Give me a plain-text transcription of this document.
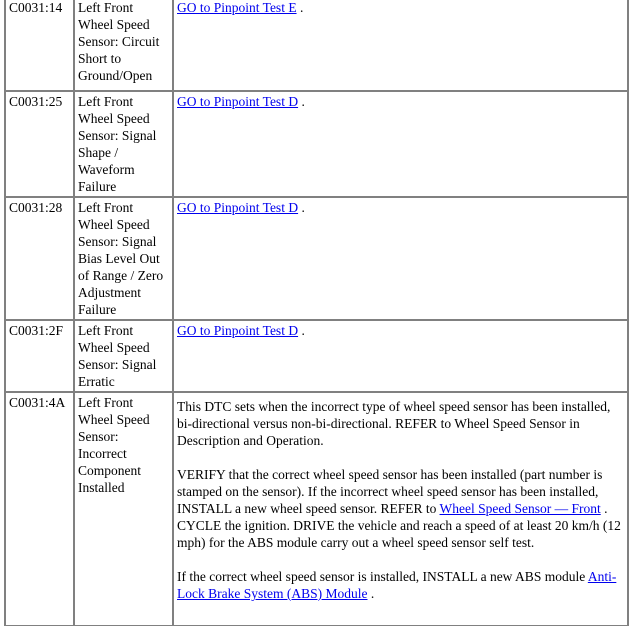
C0031:14	Left Front Wheel Speed Sensor: Circuit Short to Ground/Open	GO to Pinpoint Test E .
C0031:25	Left Front Wheel Speed Sensor: Signal Shape / Waveform Failure	GO to Pinpoint Test D .
C0031:28	Left Front Wheel Speed Sensor: Signal Bias Level Out of Range / Zero Adjustment Failure	GO to Pinpoint Test D .
C0031:2F	Left Front Wheel Speed Sensor: Signal Erratic	GO to Pinpoint Test D .
C0031:4A	Left Front Wheel Speed Sensor: Incorrect Component Installed	This DTC sets when the incorrect type of wheel speed sensor has been installed, bi-directional versus non-bi-directional. REFER to Wheel Speed Sensor in Description and Operation.
VERIFY that the correct wheel speed sensor has been installed (part number is stamped on the sensor). If the incorrect wheel speed sensor has been installed, INSTALL a new wheel speed sensor. REFER to Wheel Speed Sensor — Front . CYCLE the ignition. DRIVE the vehicle and reach a speed of at least 20 km/h (12 mph) for the ABS module carry out a wheel speed sensor self test.
If the correct wheel speed sensor is installed, INSTALL a new ABS module Anti-Lock Brake System (ABS) Module .
